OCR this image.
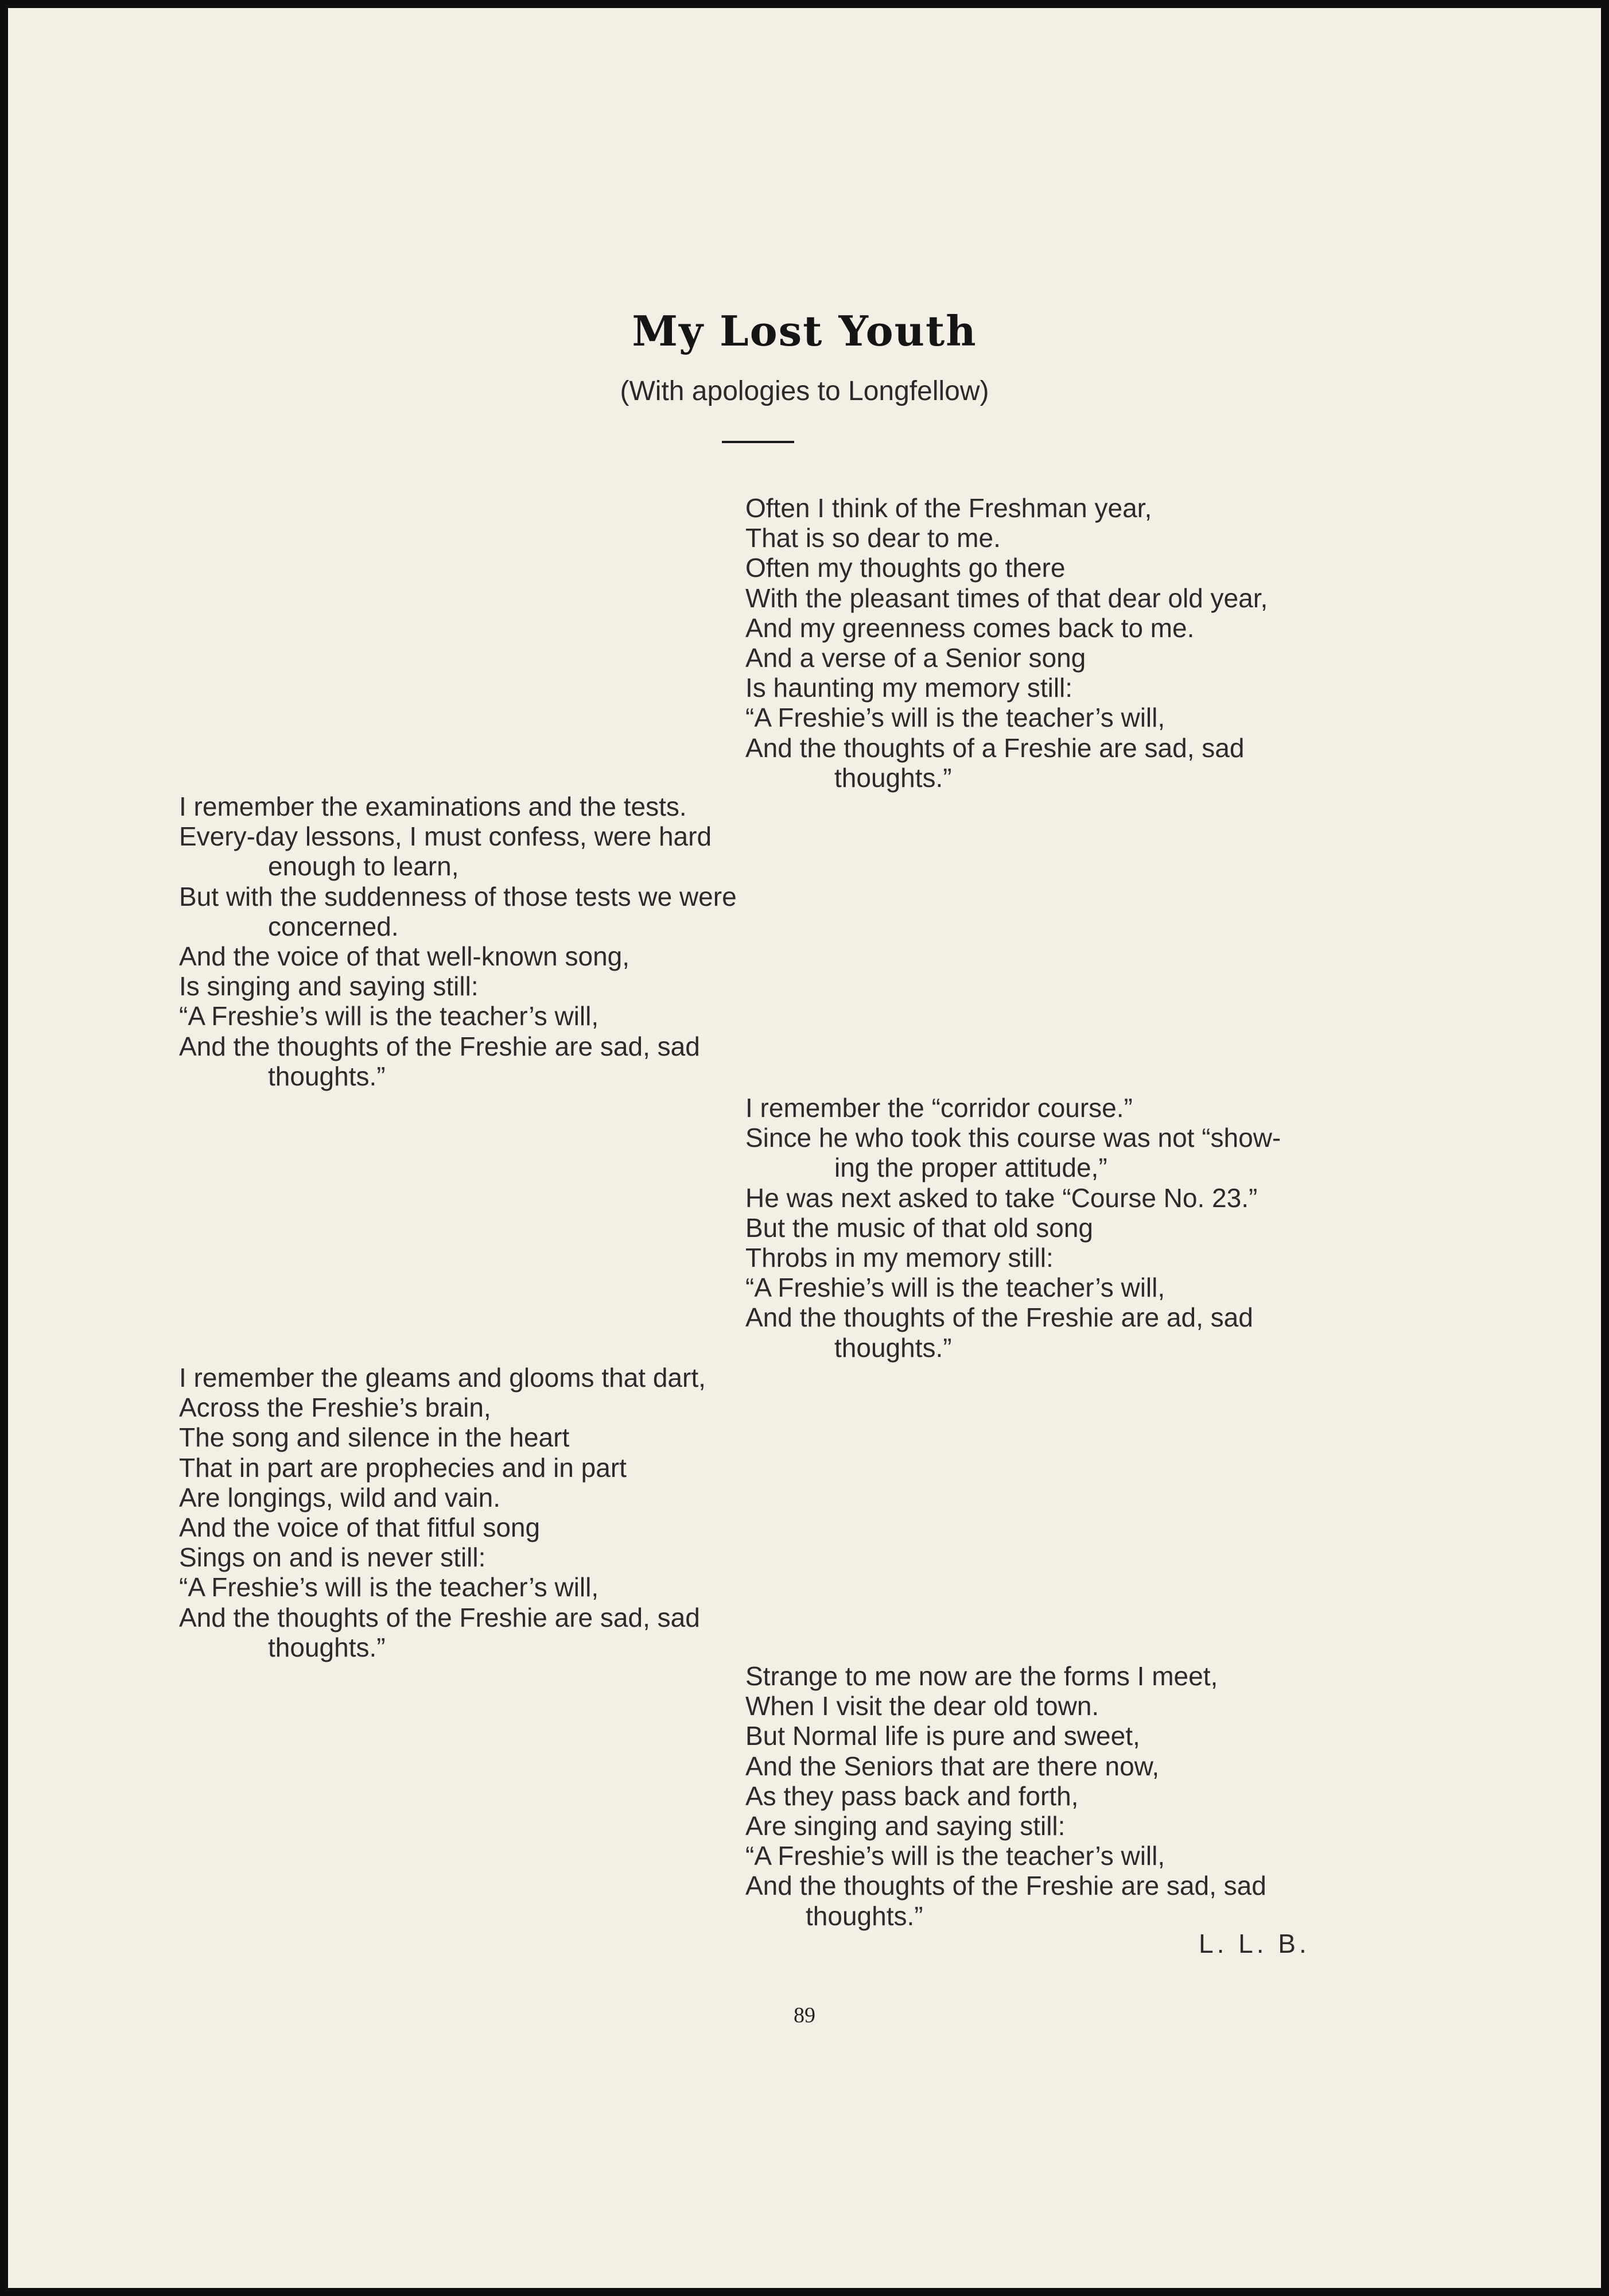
My Lost Youth

(With apologies to Longfellow)

Often I think of the Freshman year,
That is so dear to me.
Often my thoughts go there
With the pleasant times of that dear old year,
And my greenness comes back to me.
And a verse of a Senior song
Is haunting my memory still:
“A Freshie’s will is the teacher’s will,
And the thoughts of a Freshie are sad, sad
thoughts.”
I remember the examinations and the tests.
Every-day lessons, I must confess, were hard
enough to learn,
But with the suddenness of those tests we were
concerned.
And the voice of that well-known song,
Is singing and saying still:
“A Freshie’s will is the teacher’s will,
And the thoughts of the Freshie are sad, sad
thoughts.”
I remember the “corridor course.”
Since he who took this course was not “show-
ing the proper attitude,”
He was next asked to take “Course No. 23.”
But the music of that old song
Throbs in my memory still:
“A Freshie’s will is the teacher’s will,
And the thoughts of the Freshie are ad, sad
thoughts.”
I remember the gleams and glooms that dart,
Across the Freshie’s brain,
The song and silence in the heart
That in part are prophecies and in part
Are longings, wild and vain.
And the voice of that fitful song
Sings on and is never still:
“A Freshie’s will is the teacher’s will,
And the thoughts of the Freshie are sad, sad
thoughts.”
Strange to me now are the forms I meet,
When I visit the dear old town.
But Normal life is pure and sweet,
And the Seniors that are there now,
As they pass back and forth,
Are singing and saying still:
“A Freshie’s will is the teacher’s will,
And the thoughts of the Freshie are sad, sad
thoughts.”
L. L. B.
89
